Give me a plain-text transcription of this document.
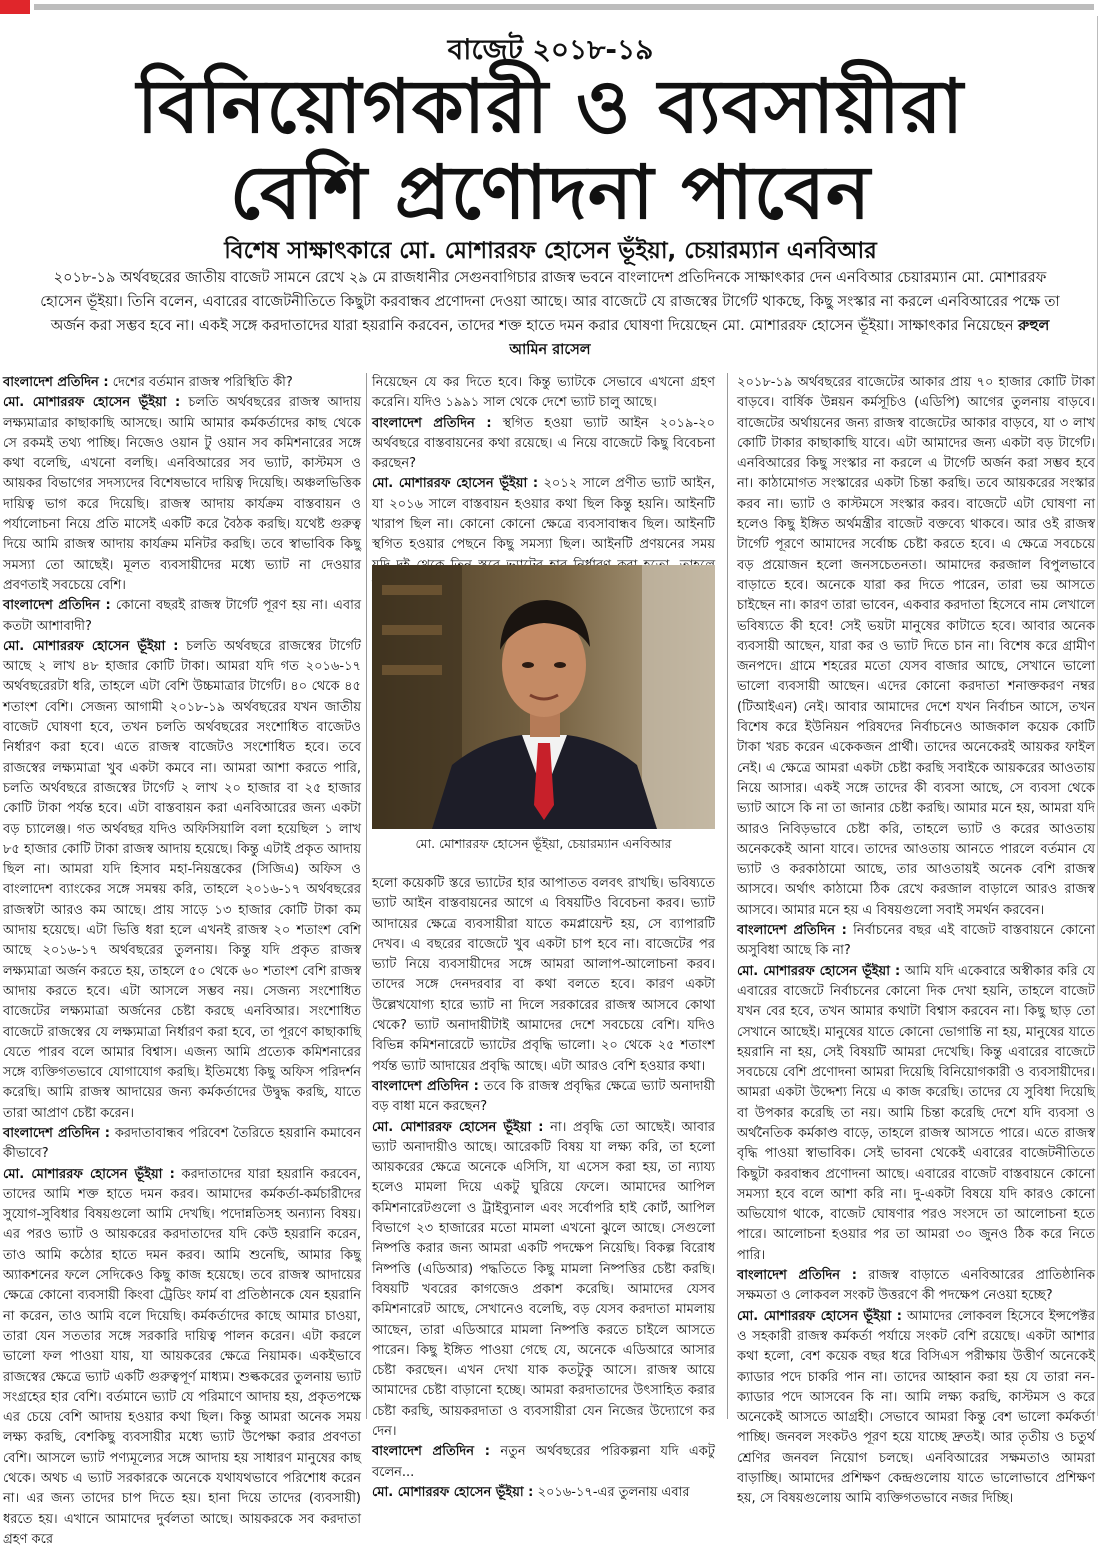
বাজেট ২০১৮-১৯
বিনিয়োগকারী ও ব্যবসায়ীরা
বেশি প্রণোদনা পাবেন
বিশেষ সাক্ষাৎকারে মো. মোশাররফ হোসেন ভূঁইয়া, চেয়ারম্যান এনবিআর
২০১৮-১৯ অর্থবছরের জাতীয় বাজেট সামনে রেখে ২৯ মে রাজধানীর সেগুনবাগিচার রাজস্ব ভবনে বাংলাদেশ প্রতিদিনকে সাক্ষাৎকার দেন এনবিআর চেয়ারম্যান মো. মোশাররফ হোসেন ভূঁইয়া। তিনি বলেন, এবারের বাজেটনীতিতে কিছুটা করবান্ধব প্রণোদনা দেওয়া আছে। আর বাজেটে যে রাজস্বের টার্গেট থাকছে, কিছু সংস্কার না করলে এনবিআরের পক্ষে তা অর্জন করা সম্ভব হবে না। একই সঙ্গে করদাতাদের যারা হয়রানি করবেন, তাদের শক্ত হাতে দমন করার ঘোষণা দিয়েছেন মো. মোশাররফ হোসেন ভূঁইয়া। সাক্ষাৎকার নিয়েছেন রুহুল আমিন রাসেল

বাংলাদেশ প্রতিদিন : দেশের বর্তমান রাজস্ব পরিস্থিতি কী?

মো. মোশাররফ হোসেন ভূঁইয়া : চলতি অর্থবছরের রাজস্ব আদায় লক্ষ্যমাত্রার কাছাকাছি আসছে। আমি আমার কর্মকর্তাদের কাছ থেকে সে রকমই তথ্য পাচ্ছি। নিজেও ওয়ান টু ওয়ান সব কমিশনারের সঙ্গে কথা বলেছি, এখনো বলছি। এনবিআরের সব ভ্যাট, কাস্টমস ও আয়কর বিভাগের সদস্যদের বিশেষভাবে দায়িত্ব দিয়েছি। অঞ্চলভিত্তিক দায়িত্ব ভাগ করে দিয়েছি। রাজস্ব আদায় কার্যক্রম বাস্তবায়ন ও পর্যালোচনা নিয়ে প্রতি মাসেই একটি করে বৈঠক করছি। যথেষ্ট গুরুত্ব দিয়ে আমি রাজস্ব আদায় কার্যক্রম মনিটর করছি। তবে স্বাভাবিক কিছু সমস্যা তো আছেই। মূলত ব্যবসায়ীদের মধ্যে ভ্যাট না দেওয়ার প্রবণতাই সবচেয়ে বেশি।

বাংলাদেশ প্রতিদিন : কোনো বছরই রাজস্ব টার্গেট পূরণ হয় না। এবার কতটা আশাবাদী?

মো. মোশাররফ হোসেন ভূঁইয়া : চলতি অর্থবছরে রাজস্বের টার্গেট আছে ২ লাখ ৪৮ হাজার কোটি টাকা। আমরা যদি গত ২০১৬-১৭ অর্থবছরেরটা ধরি, তাহলে এটা বেশি উচ্চমাত্রার টার্গেট। ৪০ থেকে ৪৫ শতাংশ বেশি। সেজন্য আগামী ২০১৮-১৯ অর্থবছরের যখন জাতীয় বাজেট ঘোষণা হবে, তখন চলতি অর্থবছরের সংশোধিত বাজেটও নির্ধারণ করা হবে। এতে রাজস্ব বাজেটও সংশোধিত হবে। তবে রাজস্বের লক্ষ্যমাত্রা খুব একটা কমবে না। আমরা আশা করতে পারি, চলতি অর্থবছরে রাজস্বের টার্গেট ২ লাখ ২০ হাজার বা ২৫ হাজার কোটি টাকা পর্যন্ত হবে। এটা বাস্তবায়ন করা এনবিআরের জন্য একটা বড় চ্যালেঞ্জ। গত অর্থবছর যদিও অফিসিয়ালি বলা হয়েছিল ১ লাখ ৮৫ হাজার কোটি টাকা রাজস্ব আদায় হয়েছে। কিন্তু এটাই প্রকৃত আদায় ছিল না। আমরা যদি হিসাব মহা-নিয়ন্ত্রকের (সিজিএ) অফিস ও বাংলাদেশ ব্যাংকের সঙ্গে সমন্বয় করি, তাহলে ২০১৬-১৭ অর্থবছরের রাজস্বটা আরও কম আছে। প্রায় সাড়ে ১৩ হাজার কোটি টাকা কম আদায় হয়েছে। এটা ভিত্তি ধরা হলে এখনই রাজস্ব ২০ শতাংশ বেশি আছে ২০১৬-১৭ অর্থবছরের তুলনায়। কিন্তু যদি প্রকৃত রাজস্ব লক্ষ্যমাত্রা অর্জন করতে হয়, তাহলে ৫০ থেকে ৬০ শতাংশ বেশি রাজস্ব আদায় করতে হবে। এটা আসলে সম্ভব নয়। সেজন্য সংশোধিত বাজেটের লক্ষ্যমাত্রা অর্জনের চেষ্টা করছে এনবিআর। সংশোধিত বাজেটে রাজস্বের যে লক্ষ্যমাত্রা নির্ধারণ করা হবে, তা পূরণে কাছাকাছি যেতে পারব বলে আমার বিশ্বাস। এজন্য আমি প্রত্যেক কমিশনারের সঙ্গে ব্যক্তিগতভাবে যোগাযোগ করছি। ইতিমধ্যে কিছু অফিস পরিদর্শন করেছি। আমি রাজস্ব আদায়ের জন্য কর্মকর্তাদের উদ্বুদ্ধ করছি, যাতে তারা আপ্রাণ চেষ্টা করেন।

বাংলাদেশ প্রতিদিন : করদাতাবান্ধব পরিবেশ তৈরিতে হয়রানি কমাবেন কীভাবে?

মো. মোশাররফ হোসেন ভূঁইয়া : করদাতাদের যারা হয়রানি করবেন, তাদের আমি শক্ত হাতে দমন করব। আমাদের কর্মকর্তা-কর্মচারীদের সুযোগ-সুবিধার বিষয়গুলো আমি দেখছি। পদোন্নতিসহ অন্যান্য বিষয়। এর পরও ভ্যাট ও আয়করের করদাতাদের যদি কেউ হয়রানি করেন, তাও আমি কঠোর হাতে দমন করব। আমি শুনেছি, আমার কিছু অ্যাকশনের ফলে সেদিকেও কিছু কাজ হয়েছে। তবে রাজস্ব আদায়ের ক্ষেত্রে কোনো ব্যবসায়ী কিংবা ট্রেডিং ফার্ম বা প্রতিষ্ঠানকে যেন হয়রানি না করেন, তাও আমি বলে দিয়েছি। কর্মকর্তাদের কাছে আমার চাওয়া, তারা যেন সততার সঙ্গে সরকারি দায়িত্ব পালন করেন। এটা করলে ভালো ফল পাওয়া যায়, যা আয়করের ক্ষেত্রে নিয়ামক। একইভাবে রাজস্বের ক্ষেত্রে ভ্যাট একটি গুরুত্বপূর্ণ মাধ্যম। শুল্ককরের তুলনায় ভ্যাট সংগ্রহের হার বেশি। বর্তমানে ভ্যাট যে পরিমাণে আদায় হয়, প্রকৃতপক্ষে এর চেয়ে বেশি আদায় হওয়ার কথা ছিল। কিন্তু আমরা অনেক সময় লক্ষ্য করছি, বেশকিছু ব্যবসায়ীর মধ্যে ভ্যাট উপেক্ষা করার প্রবণতা বেশি। আসলে ভ্যাট পণ্যমূল্যের সঙ্গে আদায় হয় সাধারণ মানুষের কাছ থেকে। অথচ এ ভ্যাট সরকারকে অনেকে যথাযথভাবে পরিশোধ করেন না। এর জন্য তাদের চাপ দিতে হয়। হানা দিয়ে তাদের (ব্যবসায়ী) ধরতে হয়। এখানে আমাদের দুর্বলতা আছে। আয়করকে সব করদাতা গ্রহণ করে

নিয়েছেন যে কর দিতে হবে। কিন্তু ভ্যাটকে সেভাবে এখনো গ্রহণ করেনি। যদিও ১৯৯১ সাল থেকে দেশে ভ্যাট চালু আছে।

বাংলাদেশ প্রতিদিন : স্থগিত হওয়া ভ্যাট আইন ২০১৯-২০ অর্থবছরে বাস্তবায়নের কথা রয়েছে। এ নিয়ে বাজেটে কিছু বিবেচনা করছেন?

মো. মোশাররফ হোসেন ভূঁইয়া : ২০১২ সালে প্রণীত ভ্যাট আইন, যা ২০১৬ সালে বাস্তবায়ন হওয়ার কথা ছিল কিন্তু হয়নি। আইনটি খারাপ ছিল না। কোনো কোনো ক্ষেত্রে ব্যবসাবান্ধব ছিল। আইনটি স্থগিত হওয়ার পেছনে কিছু সমস্যা ছিল। আইনটি প্রণয়নের সময়

মো. মোশাররফ হোসেন ভূঁইয়া, চেয়ারম্যান এনবিআর

হলো কয়েকটি স্তরে ভ্যাটের হার আপাতত বলবৎ রাখছি। ভবিষ্যতে ভ্যাট আইন বাস্তবায়নের আগে এ বিষয়টিও বিবেচনা করব। ভ্যাট আদায়ের ক্ষেত্রে ব্যবসায়ীরা যাতে কমপ্লায়েন্ট হয়, সে ব্যাপারটি দেখব। এ বছরের বাজেটে খুব একটা চাপ হবে না। বাজেটের পর ভ্যাট নিয়ে ব্যবসায়ীদের সঙ্গে আমরা আলাপ-আলোচনা করব। তাদের সঙ্গে দেনদরবার বা কথা বলতে হবে। কারণ একটা উল্লেখযোগ্য হারে ভ্যাট না দিলে সরকারের রাজস্ব আসবে কোথা থেকে? ভ্যাট অনাদায়ীটাই আমাদের দেশে সবচেয়ে বেশি। যদিও বিভিন্ন কমিশনারেটে ভ্যাটের প্রবৃদ্ধি ভালো। ২০ থেকে ২৫ শতাংশ পর্যন্ত ভ্যাট আদায়ের প্রবৃদ্ধি আছে। এটা আরও বেশি হওয়ার কথা।

বাংলাদেশ প্রতিদিন : তবে কি রাজস্ব প্রবৃদ্ধির ক্ষেত্রে ভ্যাট অনাদায়ী বড় বাধা মনে করছেন?

মো. মোশাররফ হোসেন ভূঁইয়া : না। প্রবৃদ্ধি তো আছেই। আবার ভ্যাট অনাদায়ীও আছে। আরেকটি বিষয় যা লক্ষ্য করি, তা হলো আয়করের ক্ষেত্রে অনেকে এসিসি, যা এসেস করা হয়, তা ন্যায্য হলেও মামলা দিয়ে একটু ঘুরিয়ে ফেলে। আমাদের আপিল কমিশনারেটগুলো ও ট্রাইব্যুনাল এবং সর্বোপরি হাই কোর্ট, আপিল বিভাগে ২৩ হাজারের মতো মামলা এখনো ঝুলে আছে। সেগুলো নিষ্পত্তি করার জন্য আমরা একটি পদক্ষেপ নিয়েছি। বিকল্প বিরোধ নিষ্পত্তি (এডিআর) পদ্ধতিতে কিছু মামলা নিষ্পত্তির চেষ্টা করছি। বিষয়টি খবরের কাগজেও প্রকাশ করেছি। আমাদের যেসব কমিশনারেট আছে, সেখানেও বলেছি, বড় যেসব করদাতা মামলায় আছেন, তারা এডিআরে মামলা নিষ্পত্তি করতে চাইলে আসতে পারেন। কিছু ইঙ্গিত পাওয়া গেছে যে, অনেকে এডিআরে আসার চেষ্টা করছেন। এখন দেখা যাক কতটুকু আসে। রাজস্ব আয়ে আমাদের চেষ্টা বাড়ানো হচ্ছে। আমরা করদাতাদের উৎসাহিত করার চেষ্টা করছি, আয়করদাতা ও ব্যবসায়ীরা যেন নিজের উদ্যোগে কর দেন।

বাংলাদেশ প্রতিদিন : নতুন অর্থবছরের পরিকল্পনা যদি একটু বলেন...

মো. মোশাররফ হোসেন ভূঁইয়া : ২০১৬-১৭-এর তুলনায় এবার

২০১৮-১৯ অর্থবছরের বাজেটের আকার প্রায় ৭০ হাজার কোটি টাকা বাড়বে। বার্ষিক উন্নয়ন কর্মসূচিও (এডিপি) আগের তুলনায় বাড়বে। বাজেটের অর্থায়নের জন্য রাজস্ব বাজেটের আকার বাড়বে, যা ৩ লাখ কোটি টাকার কাছাকাছি যাবে। এটা আমাদের জন্য একটা বড় টার্গেট। এনবিআরের কিছু সংস্কার না করলে এ টার্গেট অর্জন করা সম্ভব হবে না। কাঠামোগত সংস্কারের একটা চিন্তা করছি। তবে আয়করের সংস্কার করব না। ভ্যাট ও কাস্টমসে সংস্কার করব। বাজেটে এটা ঘোষণা না হলেও কিছু ইঙ্গিত অর্থমন্ত্রীর বাজেট বক্তব্যে থাকবে। আর ওই রাজস্ব টার্গেট পূরণে আমাদের সর্বোচ্চ চেষ্টা করতে হবে। এ ক্ষেত্রে সবচেয়ে বড় প্রয়োজন হলো জনসচেতনতা। আমাদের করজাল বিপুলভাবে বাড়াতে হবে। অনেকে যারা কর দিতে পারেন, তারা ভয় আসতে চাইছেন না। কারণ তারা ভাবেন, একবার করদাতা হিসেবে নাম লেখালে ভবিষ্যতে কী হবে! সেই ভয়টা মানুষের কাটাতে হবে। আবার অনেক ব্যবসায়ী আছেন, যারা কর ও ভ্যাট দিতে চান না। বিশেষ করে গ্রামীণ জনপদে। গ্রামে শহরের মতো যেসব বাজার আছে, সেখানে ভালো ভালো ব্যবসায়ী আছেন। এদের কোনো করদাতা শনাক্তকরণ নম্বর (টিআইএন) নেই। আবার আমাদের দেশে যখন নির্বাচন আসে, তখন বিশেষ করে ইউনিয়ন পরিষদের নির্বাচনেও আজকাল কয়েক কোটি টাকা খরচ করেন একেকজন প্রার্থী। তাদের অনেকেরই আয়কর ফাইল নেই। এ ক্ষেত্রে আমরা একটা চেষ্টা করছি সবাইকে আয়করের আওতায় নিয়ে আসার। একই সঙ্গে তাদের কী ব্যবসা আছে, সে ব্যবসা থেকে ভ্যাট আসে কি না তা জানার চেষ্টা করছি। আমার মনে হয়, আমরা যদি আরও নিবিড়ভাবে চেষ্টা করি, তাহলে ভ্যাট ও করের আওতায় অনেককেই আনা যাবে। তাদের আওতায় আনতে পারলে বর্তমান যে ভ্যাট ও করকাঠামো আছে, তার আওতায়ই অনেক বেশি রাজস্ব আসবে। অর্থাৎ কাঠামো ঠিক রেখে করজাল বাড়ালে আরও রাজস্ব আসবে। আমার মনে হয় এ বিষয়গুলো সবাই সমর্থন করবেন।

বাংলাদেশ প্রতিদিন : নির্বাচনের বছর এই বাজেট বাস্তবায়নে কোনো অসুবিধা আছে কি না?

মো. মোশাররফ হোসেন ভূঁইয়া : আমি যদি একেবারে অস্বীকার করি যে এবারের বাজেটে নির্বাচনের কোনো দিক দেখা হয়নি, তাহলে বাজেট যখন বের হবে, তখন আমার কথাটা বিশ্বাস করবেন না। কিছু ছাড় তো সেখানে আছেই। মানুষের যাতে কোনো ভোগান্তি না হয়, মানুষের যাতে হয়রানি না হয়, সেই বিষয়টি আমরা দেখেছি। কিন্তু এবারের বাজেটে সবচেয়ে বেশি প্রণোদনা আমরা দিয়েছি বিনিয়োগকারী ও ব্যবসায়ীদের। আমরা একটা উদ্দেশ্য নিয়ে এ কাজ করেছি। তাদের যে সুবিধা দিয়েছি বা উপকার করেছি তা নয়। আমি চিন্তা করেছি দেশে যদি ব্যবসা ও অর্থনৈতিক কর্মকাণ্ড বাড়ে, তাহলে রাজস্ব আসতে পারে। এতে রাজস্ব বৃদ্ধি পাওয়া স্বাভাবিক। সেই ভাবনা থেকেই এবারের বাজেটনীতিতে কিছুটা করবান্ধব প্রণোদনা আছে। এবারের বাজেট বাস্তবায়নে কোনো সমস্যা হবে বলে আশা করি না। দু-একটা বিষয়ে যদি কারও কোনো অভিযোগ থাকে, বাজেট ঘোষণার পরও সংসদে তা আলোচনা হতে পারে। আলোচনা হওয়ার পর তা আমরা ৩০ জুনও ঠিক করে নিতে পারি।

বাংলাদেশ প্রতিদিন : রাজস্ব বাড়াতে এনবিআরের প্রাতিষ্ঠানিক সক্ষমতা ও লোকবল সংকট উত্তরণে কী পদক্ষেপ নেওয়া হচ্ছে?

মো. মোশাররফ হোসেন ভূঁইয়া : আমাদের লোকবল হিসেবে ইন্সপেক্টর ও সহকারী রাজস্ব কর্মকর্তা পর্যায়ে সংকট বেশি রয়েছে। একটা আশার কথা হলো, বেশ কয়েক বছর ধরে বিসিএস পরীক্ষায় উত্তীর্ণ অনেকেই ক্যাডার পদে চাকরি পান না। তাদের আহ্বান করা হয় যে তারা নন-ক্যাডার পদে আসবেন কি না। আমি লক্ষ্য করছি, কাস্টমস ও করে অনেকেই আসতে আগ্রহী। সেভাবে আমরা কিন্তু বেশ ভালো কর্মকর্তা পাচ্ছি। জনবল সংকটও পূরণ হয়ে যাচ্ছে দ্রুতই। আর তৃতীয় ও চতুর্থ শ্রেণির জনবল নিয়োগ চলছে। এনবিআরের সক্ষমতাও আমরা বাড়াচ্ছি। আমাদের প্রশিক্ষণ কেন্দ্রগুলোয় যাতে ভালোভাবে প্রশিক্ষণ হয়, সে বিষয়গুলোয় আমি ব্যক্তিগতভাবে নজর দিচ্ছি।
